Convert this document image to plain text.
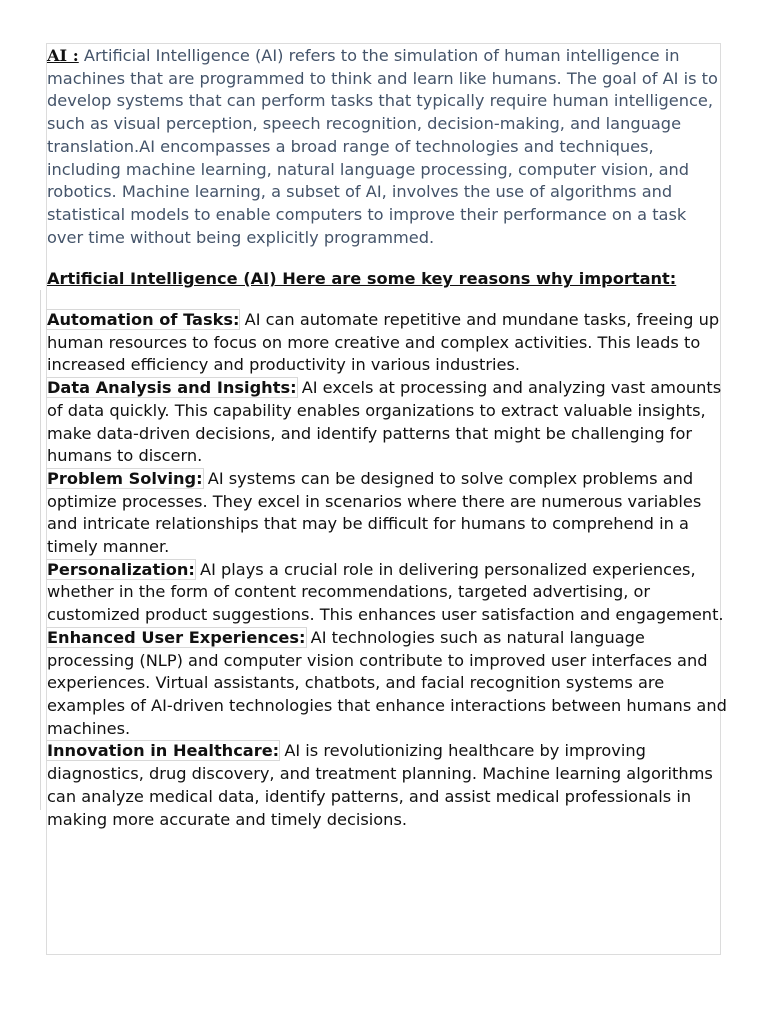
AI : Artificial Intelligence (AI) refers to the simulation of human intelligence in machines that are programmed to think and learn like humans. The goal of AI is to develop systems that can perform tasks that typically require human intelligence, such as visual perception, speech recognition, decision-making, and language translation.AI encompasses a broad range of technologies and techniques, including machine learning, natural language processing, computer vision, and robotics. Machine learning, a subset of AI, involves the use of algorithms and statistical models to enable computers to improve their performance on a task over time without being explicitly programmed.

Artificial Intelligence (AI) Here are some key reasons why important:

Automation of Tasks: AI can automate repetitive and mundane tasks, freeing up human resources to focus on more creative and complex activities. This leads to increased efficiency and productivity in various industries.

Data Analysis and Insights: AI excels at processing and analyzing vast amounts of data quickly. This capability enables organizations to extract valuable insights, make data-driven decisions, and identify patterns that might be challenging for humans to discern.

Problem Solving: AI systems can be designed to solve complex problems and optimize processes. They excel in scenarios where there are numerous variables and intricate relationships that may be difficult for humans to comprehend in a timely manner.

Personalization: AI plays a crucial role in delivering personalized experiences, whether in the form of content recommendations, targeted advertising, or customized product suggestions. This enhances user satisfaction and engagement.

Enhanced User Experiences: AI technologies such as natural language processing (NLP) and computer vision contribute to improved user interfaces and experiences. Virtual assistants, chatbots, and facial recognition systems are examples of AI-driven technologies that enhance interactions between humans and machines.

Innovation in Healthcare: AI is revolutionizing healthcare by improving diagnostics, drug discovery, and treatment planning. Machine learning algorithms can analyze medical data, identify patterns, and assist medical professionals in making more accurate and timely decisions.
